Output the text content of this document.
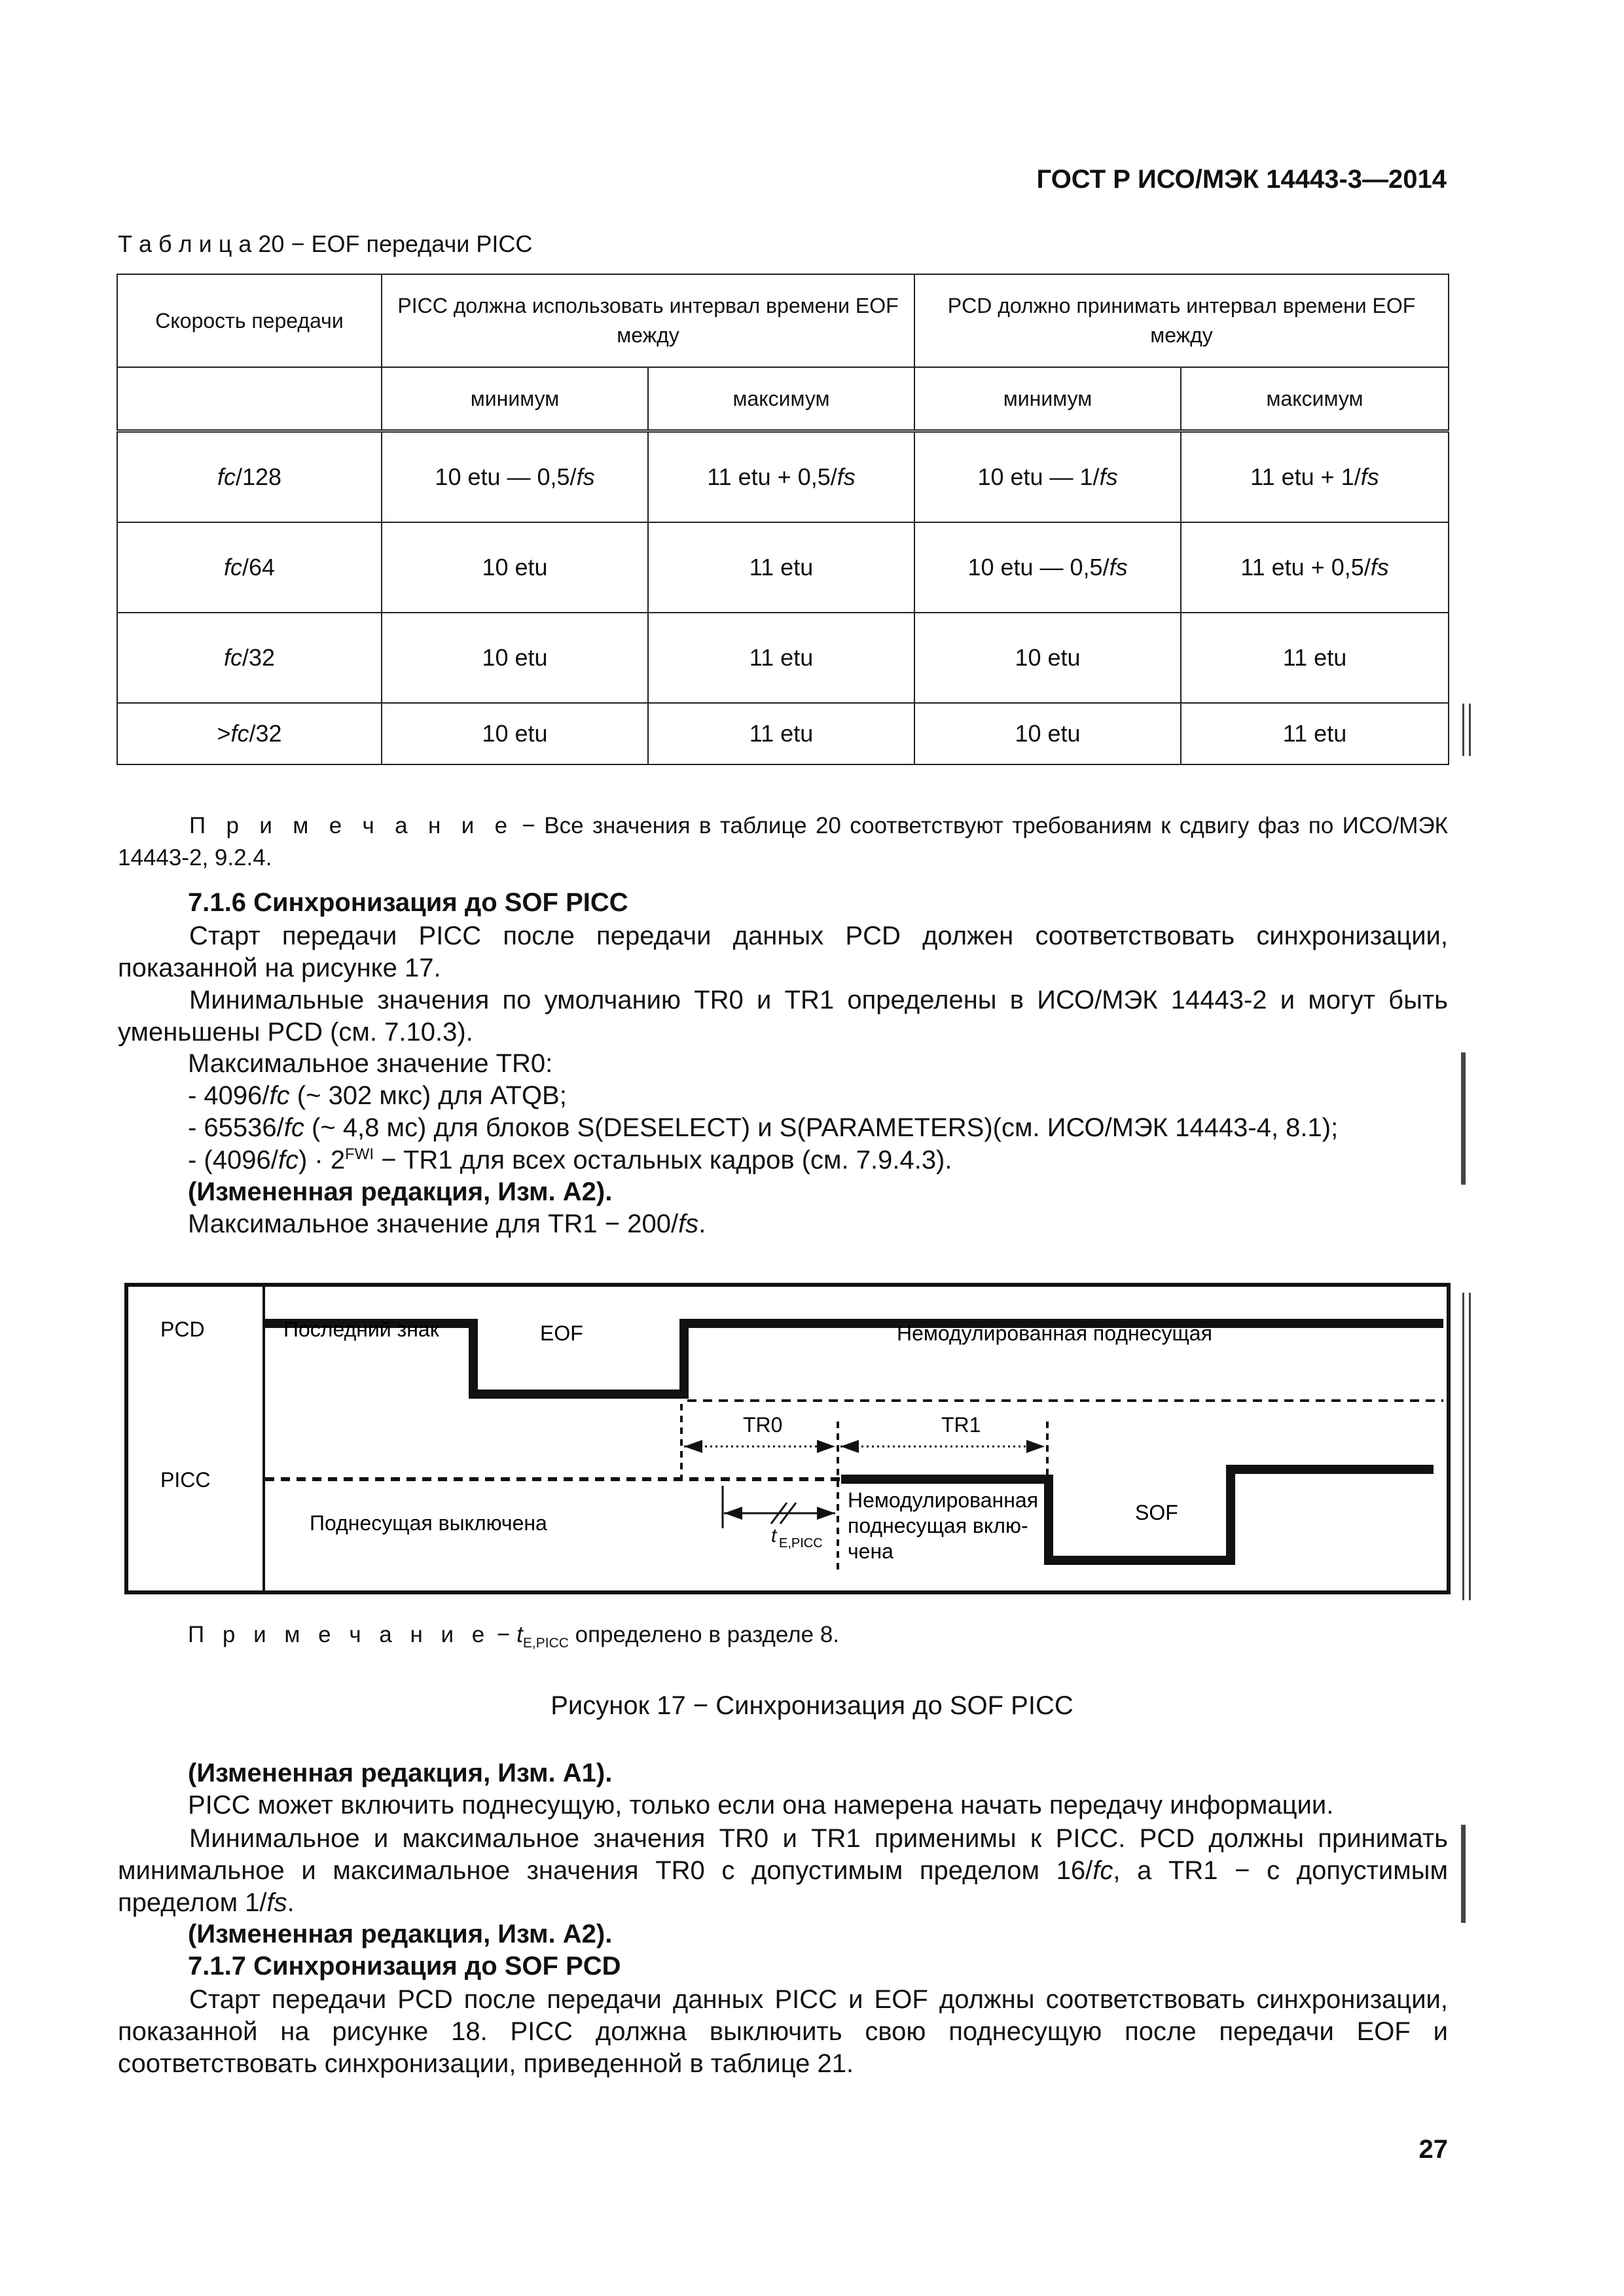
ГОСТ Р ИСО/МЭК 14443-3—2014
Т а б л и ц а 20 − EOF передачи PICC
Скорость передачи	PICC должна использовать интервал времени EOF между		PCD должно принимать интервал времени EOF между	
	минимум	максимум	минимум	максимум
fc/128	10 etu — 0,5/fs	11 etu + 0,5/fs	10 etu — 1/fs	11 etu + 1/fs
fc/64	10 etu	11 etu	10 etu — 0,5/fs	11 etu + 0,5/fs
fc/32	10 etu	11 etu	10 etu	11 etu
>fc/32	10 etu	11 etu	10 etu	11 etu
П р и м е ч а н и е − Все значения в таблице 20 соответствуют требованиям к сдвигу фаз по ИСО/МЭК 14443-2, 9.2.4.
7.1.6 Синхронизация до SOF PICC
Старт передачи PICC после передачи данных PCD должен соответствовать синхронизации, показанной на рисунке 17.
Минимальные значения по умолчанию TR0 и TR1 определены в ИСО/МЭК 14443-2 и могут быть уменьшены PCD (см. 7.10.3).
Максимальное значение TR0:
- 4096/fc (~ 302 мкс) для ATQB;
- 65536/fc (~ 4,8 мс) для блоков S(DESELECT) и S(PARAMETERS)(см. ИСО/МЭК 14443-4, 8.1);
- $(4096/fc) \cdot 2^{FWI} - TR1$ для всех остальных кадров (см. 7.9.4.3).
(Измененная редакция, Изм. А2).
Максимальное значение для TR1 − 200/fs.
PCD
PICC
Последний знак	EOF	Немодулированная поднесущая
TR0	TR1
Поднесущая выключена
t E,PICC
Немодулированная
поднесущая вклю-
чена
SOF
П р и м е ч а н и $е - t_{E,PICC}$ определено в разделе 8.
Рисунок 17 − Синхронизация до SOF PICC
(Измененная редакция, Изм. А1).
PICC может включить поднесущую, только если она намерена начать передачу информации.
Минимальное и максимальное значения TR0 и TR1 применимы к PICC. PCD должны принимать минимальное и максимальное значения TR0 с допустимым пределом 16/fc, а TR1 − с допустимым пределом 1/fs.
(Измененная редакция, Изм. А2).
7.1.7 Синхронизация до SOF PCD
Старт передачи PCD после передачи данных PICC и EOF должны соответствовать синхронизации, показанной на рисунке 18. PICC должна выключить свою поднесущую после передачи EOF и соответствовать синхронизации, приведенной в таблице 21.
27
